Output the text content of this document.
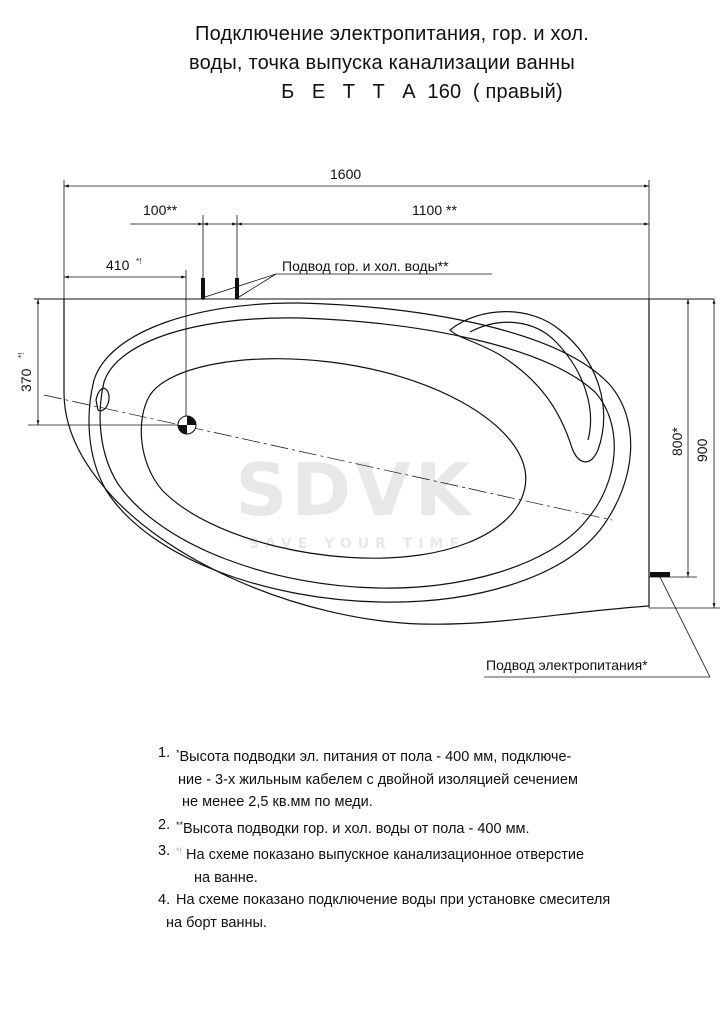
Подключение электропитания, гор. и хол.
воды, точка выпуска канализации ванны
Б Е Т Т А 160 ( правый)
SDVK
SAVE YOUR TIME
1600
100**	1100 **
410 *!
370
*!
800* 900
Подвод гор. и хол. воды**
Подвод электропитания*
1. *Высота подводки эл. питания от пола - 400 мм, подключе-
ние - 3-х жильным кабелем с двойной изоляцией сечением
не менее 2,5 кв.мм по меди.
2. **Высота подводки гор. и хол. воды от пола - 400 мм.
3. *! На схеме показано выпускное канализационное отверстие
на ванне.
4. На схеме показано подключение воды при установке смесителя
на борт ванны.
